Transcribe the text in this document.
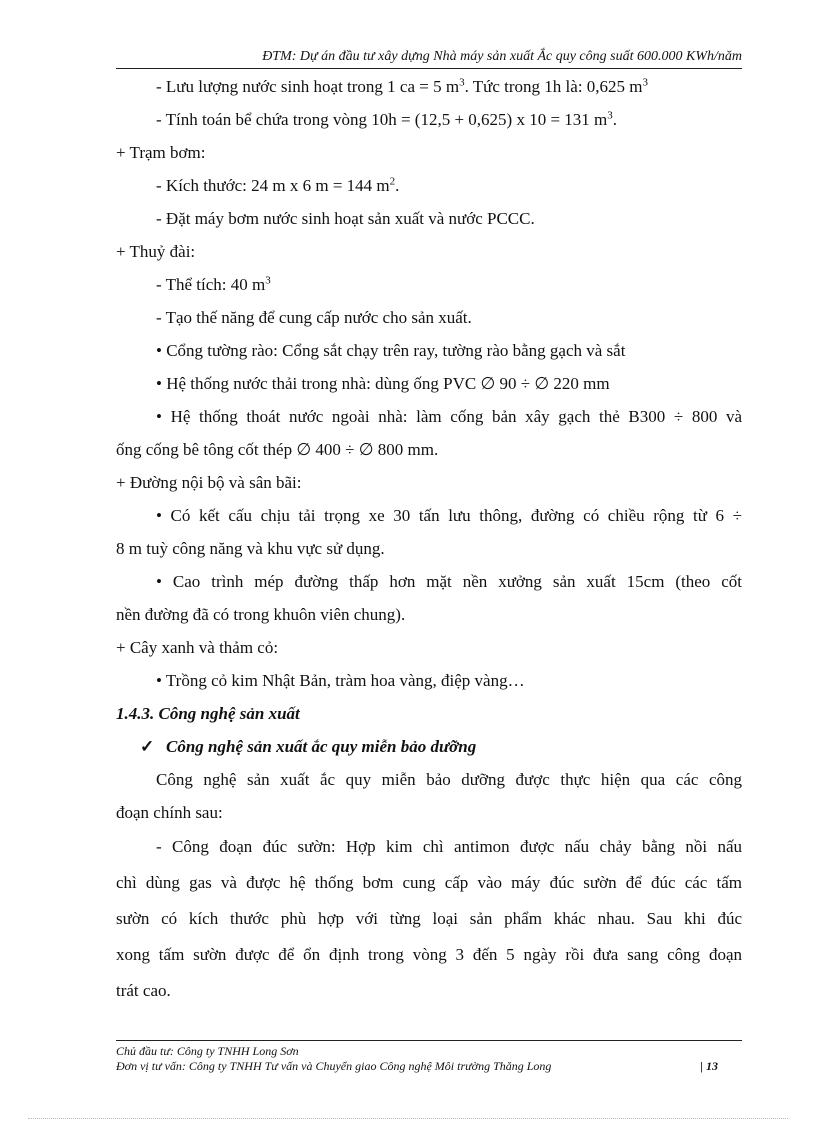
ĐTM: Dự án đầu tư xây dựng Nhà máy sản xuất Ắc quy công suất 600.000 KWh/năm
- Lưu lượng nước sinh hoạt trong 1 ca = 5 $m^3$. Tức trong 1h là: 0,625 $m^3$
- Tính toán bể chứa trong vòng 10h = (12,5 + 0,625) x 10 = 131 $m^3$.
+ Trạm bơm:
- Kích thước: 24 m x 6 m = 144 $m^2$.
- Đặt máy bơm nước sinh hoạt sản xuất và nước PCCC.
+ Thuỷ đài:
- Thể tích: 40 $m^3$
- Tạo thế năng để cung cấp nước cho sản xuất.
• Cổng tường rào: Cổng sắt chạy trên ray, tường rào bằng gạch và sắt
• Hệ thống nước thải trong nhà: dùng ống PVC ∅ 90 ÷ ∅ 220 mm
• Hệ thống thoát nước ngoài nhà: làm cống bản xây gạch thẻ B300 ÷ 800 và
ống cống bê tông cốt thép ∅ 400 ÷ ∅ 800 mm.
+ Đường nội bộ và sân bãi:
• Có kết cấu chịu tải trọng xe 30 tấn lưu thông, đường có chiều rộng từ 6 ÷
8 m tuỳ công năng và khu vực sử dụng.
• Cao trình mép đường thấp hơn mặt nền xưởng sản xuất 15cm (theo cốt
nền đường đã có trong khuôn viên chung).
+ Cây xanh và thảm cỏ:
• Trồng cỏ kim Nhật Bản, tràm hoa vàng, điệp vàng…
1.4.3. Công nghệ sản xuất
✓ Công nghệ sản xuất ắc quy miễn bảo dưỡng
Công nghệ sản xuất ắc quy miễn bảo dưỡng được thực hiện qua các công
đoạn chính sau:
- Công đoạn đúc sườn: Hợp kim chì antimon được nấu chảy bằng nồi nấu
chì dùng gas và được hệ thống bơm cung cấp vào máy đúc sườn để đúc các tấm
sườn có kích thước phù hợp với từng loại sản phẩm khác nhau. Sau khi đúc
xong tấm sườn được để ổn định trong vòng 3 đến 5 ngày rồi đưa sang công đoạn
trát cao.
Chủ đầu tư: Công ty TNHH Long Sơn
Đơn vị tư vấn: Công ty TNHH Tư vấn và Chuyển giao Công nghệ Môi trường Thăng Long	| 13
